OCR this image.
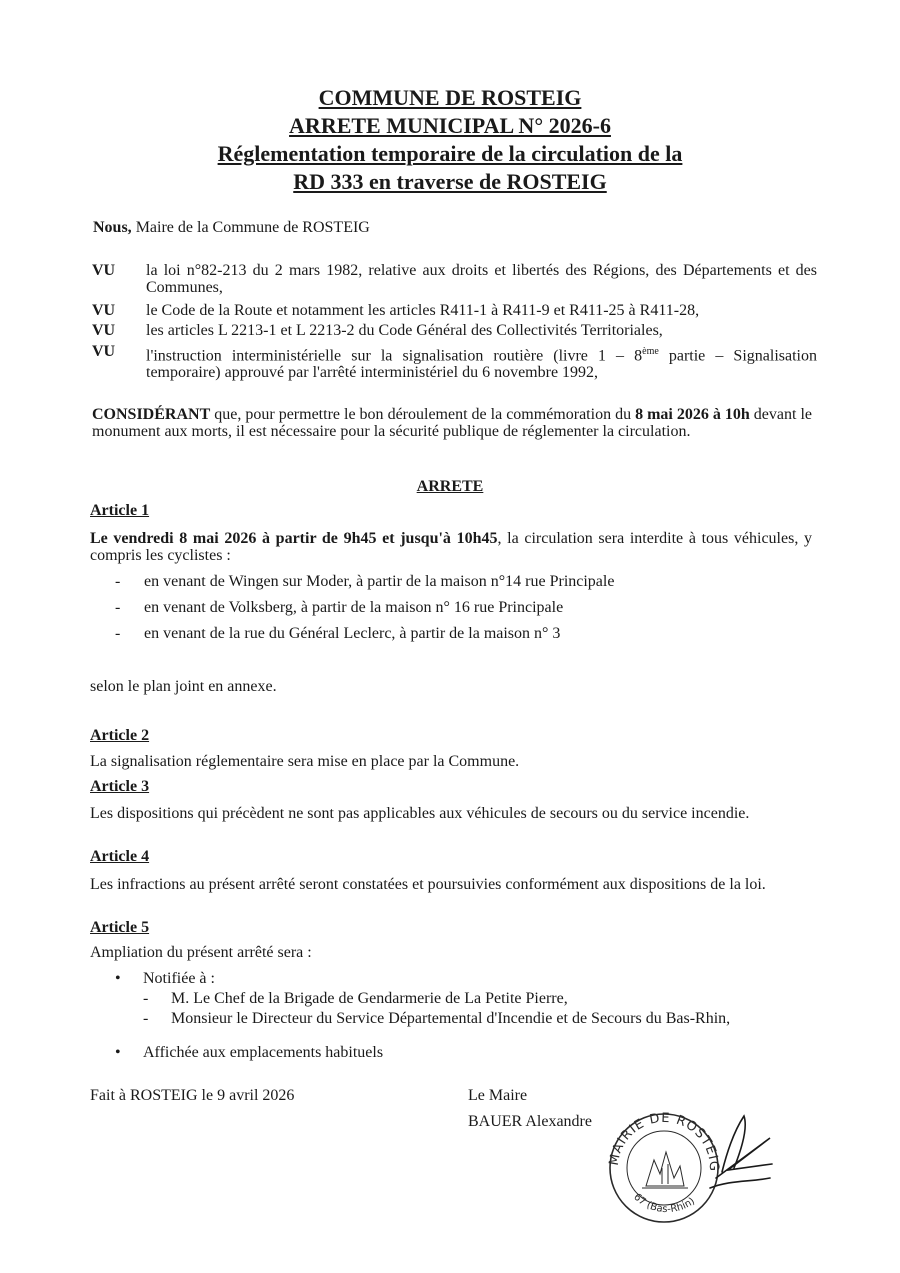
COMMUNE DE ROSTEIG
ARRETE MUNICIPAL N° 2026-6
Réglementation temporaire de la circulation de la
RD 333 en traverse de ROSTEIG
Nous, Maire de la Commune de ROSTEIG
VU	la loi n°82-213 du 2 mars 1982, relative aux droits et libertés des Régions, des Départements et des Communes,
VU	le Code de la Route et notamment les articles R411-1 à R411-9 et R411-25 à R411-28,
VU	les articles L 2213-1 et L 2213-2 du Code Général des Collectivités Territoriales,
VU	l'instruction interministérielle sur la signalisation routière (livre 1 – 8ème partie – Signalisation temporaire) approuvé par l'arrêté interministériel du 6 novembre 1992,
CONSIDÉRANT que, pour permettre le bon déroulement de la commémoration du 8 mai 2026 à 10h devant le monument aux morts, il est nécessaire pour la sécurité publique de réglementer la circulation.
ARRETE
Article 1
Le vendredi 8 mai 2026 à partir de 9h45 et jusqu'à 10h45, la circulation sera interdite à tous véhicules, y compris les cyclistes :
- en venant de Wingen sur Moder, à partir de la maison n°14 rue Principale
- en venant de Volksberg, à partir de la maison n° 16 rue Principale
- en venant de la rue du Général Leclerc, à partir de la maison n° 3
selon le plan joint en annexe.
Article 2
La signalisation réglementaire sera mise en place par la Commune.
Article 3
Les dispositions qui précèdent ne sont pas applicables aux véhicules de secours ou du service incendie.
Article 4
Les infractions au présent arrêté seront constatées et poursuivies conformément aux dispositions de la loi.
Article 5
Ampliation du présent arrêté sera :
• Notifiée à :
- M. Le Chef de la Brigade de Gendarmerie de La Petite Pierre,
- Monsieur le Directeur du Service Départemental d'Incendie et de Secours du Bas-Rhin,
• Affichée aux emplacements habituels
Fait à ROSTEIG le 9 avril 2026	Le Maire
BAUER Alexandre
MAIRIE DE ROSTEIG
67 (Bas-Rhin)
